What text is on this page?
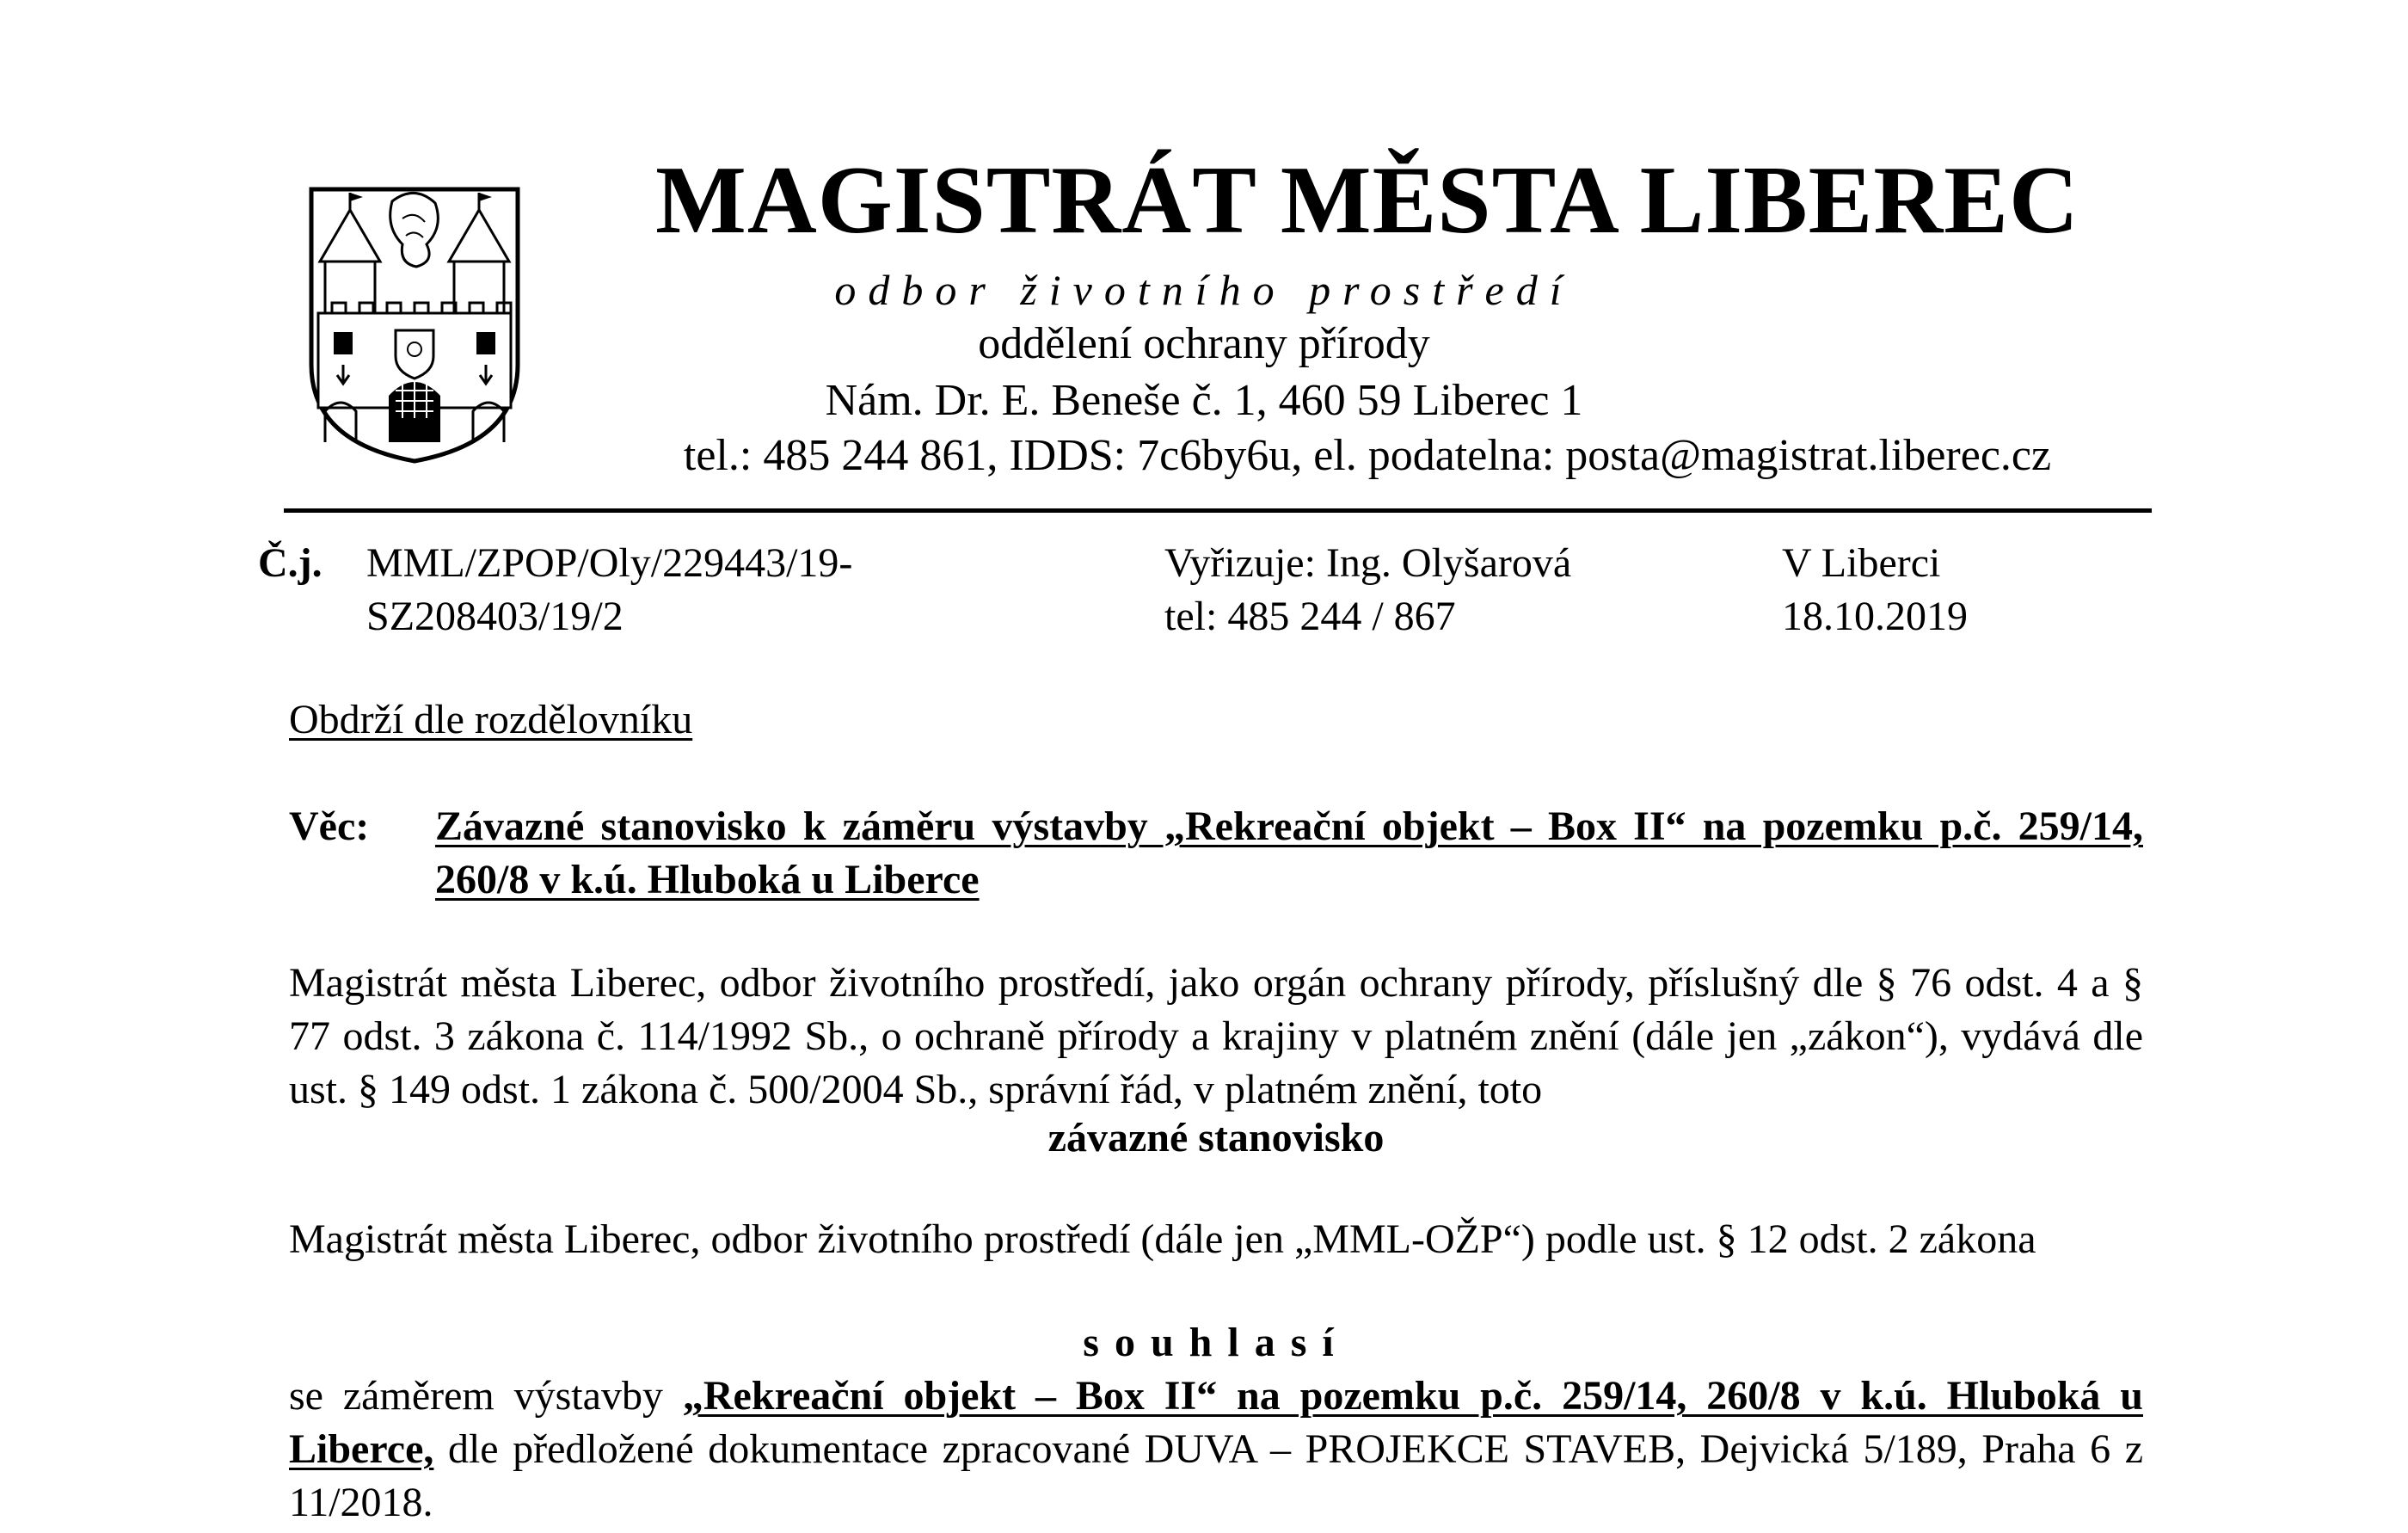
MAGISTRÁT MĚSTA LIBEREC
odbor životního prostředí
oddělení ochrany přírody
Nám. Dr. E. Beneše č. 1, 460 59 Liberec 1
tel.: 485 244 861, IDDS: 7c6by6u, el. podatelna: posta@magistrat.liberec.cz
Č.j. MML/ZPOP/Oly/229443/19-
SZ208403/19/2
Vyřizuje: Ing. Olyšarová
tel: 485 244 / 867
V Liberci
18.10.2019
Obdrží dle rozdělovníku
Věc: Závazné stanovisko k záměru výstavby „Rekreační objekt – Box II“ na pozemku p.č. 259/14, 260/8 v k.ú. Hluboká u Liberce
Magistrát města Liberec, odbor životního prostředí, jako orgán ochrany přírody, příslušný dle § 76 odst. 4 a § 77 odst. 3 zákona č. 114/1992 Sb., o ochraně přírody a krajiny v platném znění (dále jen „zákon“), vydává dle ust. § 149 odst. 1 zákona č. 500/2004 Sb., správní řád, v platném znění, toto
závazné stanovisko
Magistrát města Liberec, odbor životního prostředí (dále jen „MML-OŽP“) podle ust. § 12 odst. 2 zákona
souhlasí
se záměrem výstavby „Rekreační objekt – Box II“ na pozemku p.č. 259/14, 260/8 v k.ú. Hluboká u Liberce, dle předložené dokumentace zpracované DUVA – PROJEKCE STAVEB, Dejvická 5/189, Praha 6 z 11/2018.
